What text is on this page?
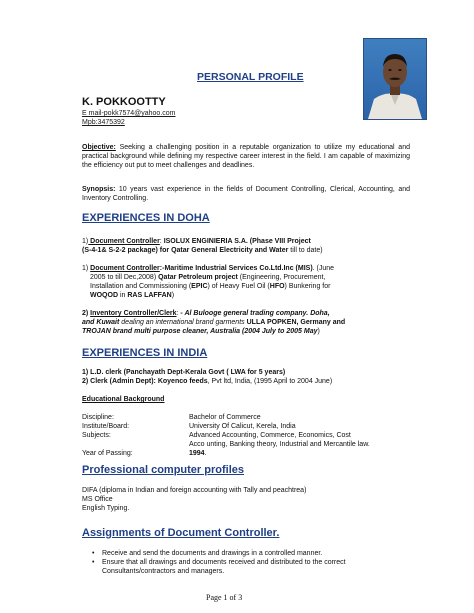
PERSONAL PROFILE
K. POKKOOTTY
E mail-pokk7574@yahoo.com
Mpb:3475392
Objective: Seeking a challenging position in a reputable organization to utilize my educational and practical background while defining my respective career interest in the field. I am capable of maximizing the efficiency out put to meet challenges and deadlines.
Synopsis: 10 years vast experience in the fields of Document Controlling, Clerical, Accounting, and Inventory Controlling.
EXPERIENCES IN DOHA
1) Document Controller: ISOLUX ENGINIERIA S.A. (Phase VIII Project
(S-4-1& S-2-2 package) for Qatar General Electricity and Water till to date)
1) Document Controller:-Maritime Industrial Services Co.Ltd.Inc (MIS). (June
2005 to till Dec,2008) Qatar Petroleum project (Engineering, Procurement,
Installation and Commissioning (EPIC) of Heavy Fuel Oil (HFO) Bunkering for
WOQOD in RAS LAFFAN)
2) Inventory Controller/Clerk: - Al Bulooge general trading company. Doha,
and Kuwait dealing an international brand garments ULLA POPKEN, Germany and
TROJAN brand multi purpose cleaner, Australia (2004 July to 2005 May)
EXPERIENCES IN INDIA
1) L.D. clerk (Panchayath Dept-Kerala Govt ( LWA for 5 years)
2) Clerk (Admin Dept): Koyenco feeds, Pvt ltd, India, (1995 April to 2004 June)
Educational Background
Discipline:	Bachelor of Commerce
Institute/Board:	University Of Calicut, Kerela, India
Subjects:	Advanced Accounting, Commerce, Economics, Cost
Acco unting, Banking theory, Industrial and Mercantile law.
Year of Passing:	1994.
Professional computer profiles
DIFA (diploma in Indian and foreign accounting with Tally and peachtrea)
MS Office
English Typing.
Assignments of Document Controller.
•	Receive and send the documents and drawings in a controlled manner.
•	Ensure that all drawings and documents received and distributed to the correct
Consultants/contractors and managers.
Page 1 of 3
